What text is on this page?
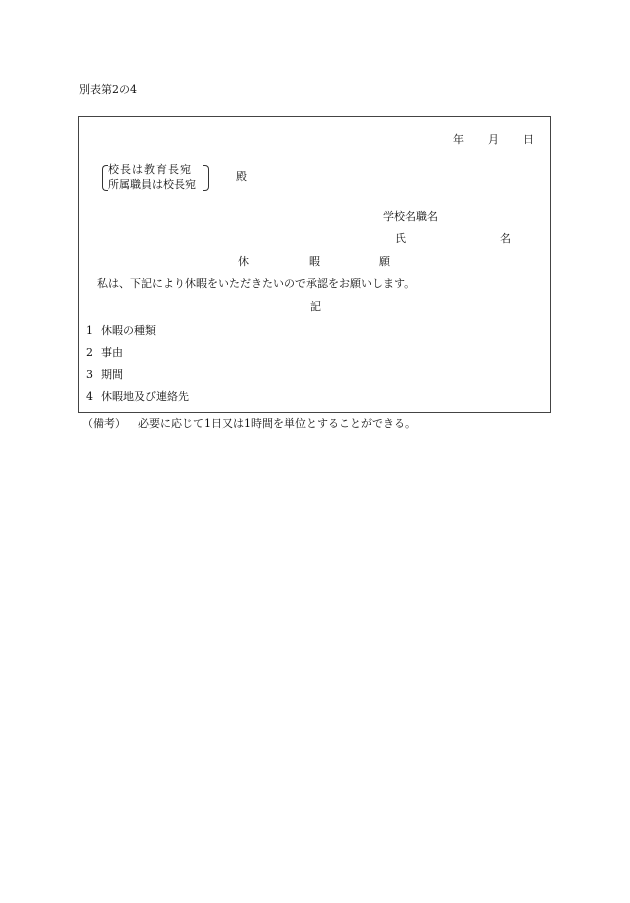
別表第2の4
年 月 日
校長は教育長宛
所属職員は校長宛
殿
学校名職名
氏	名
休	暇	願
私は、下記により休暇をいただきたいので承認をお願いします。
記
1 休暇の種類
2 事由
3 期間
4 休暇地及び連絡先
（備考） 必要に応じて1日又は1時間を単位とすることができる。
